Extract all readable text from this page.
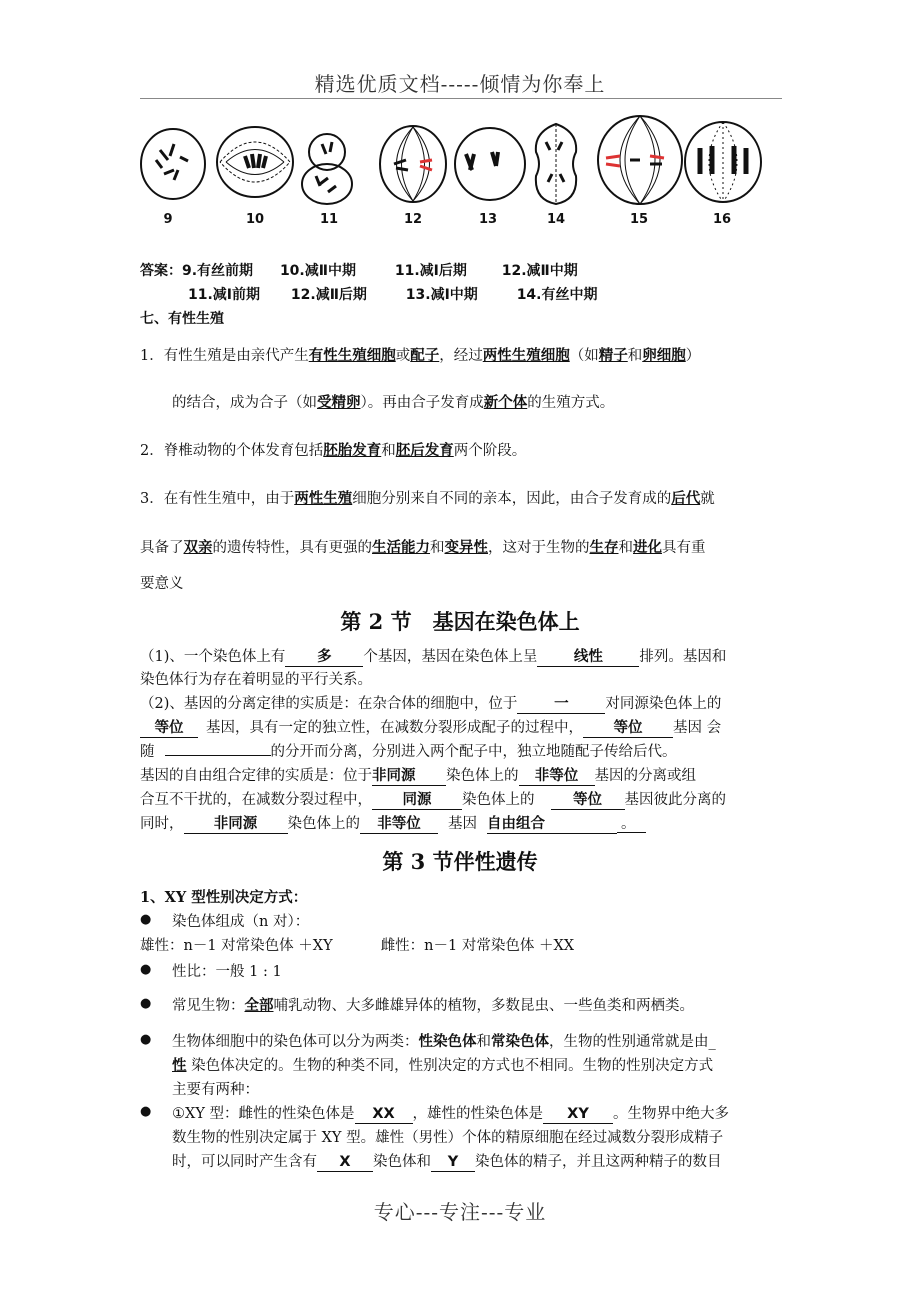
精选优质文档-----倾情为你奉上
9	10	11	12	13	14	15	16
答案：9.有丝前期 10.减Ⅱ中期	11.减Ⅰ后期 12.减Ⅱ中期
11.减Ⅰ前期 12.减Ⅱ后期	13.减Ⅰ中期	14.有丝中期
七、有性生殖
1．有性生殖是由亲代产生有性生殖细胞或配子，经过两性生殖细胞（如精子和卵细胞）
的结合，成为合子（如受精卵）。再由合子发育成新个体的生殖方式。
2．脊椎动物的个体发育包括胚胎发育和胚后发育两个阶段。
3．在有性生殖中，由于两性生殖细胞分别来自不同的亲本，因此，由合子发育成的后代就
具备了双亲的遗传特性，具有更强的生活能力和变异性，这对于生物的生存和进化具有重
要意义
第 2 节　基因在染色体上
（1)、一个染色体上有 多 个基因，基因在染色体上呈	线性	排列。基因和
染色体行为存在着明显的平行关系。
（2)、基因的分离定律的实质是：在杂合体的细胞中，位于	一	对同源染色体上的
等位 基因，具有一定的独立性，在减数分裂形成配子的过程中， 等位 基因 会
随	的分开而分离，分别进入两个配子中，独立地随配子传给后代。
基因的自由组合定律的实质是：位于非同源 染色体上的 非等位 基因的分离或组
合互不干扰的，在减数分裂过程中， 同源 染色体上的	等位 基因彼此分离的
同时， 非同源 染色体上的 非等位 基因 自由组合	。
第 3 节伴性遗传
1、XY 型性别决定方式：
● 染色体组成（n 对）：
雄性：n－1 对常染色体 ＋XY	雌性：n－1 对常染色体 ＋XX
● 性比：一般 1 : 1
● 常见生物：全部哺乳动物、大多雌雄异体的植物，多数昆虫、一些鱼类和两栖类。
● 生物体细胞中的染色体可以分为两类：性染色体和常染色体，生物的性别通常就是由_
性 染色体决定的。生物的种类不同，性别决定的方式也不相同。生物的性别决定方式
主要有两种：
● ①XY 型：雌性的性染色体是 XX ，雄性的性染色体是 XY 。生物界中绝大多
数生物的性别决定属于 XY 型。雄性（男性）个体的精原细胞在经过减数分裂形成精子
时，可以同时产生含有 X 染色体和 Y 染色体的精子，并且这两种精子的数目
专心---专注---专业
